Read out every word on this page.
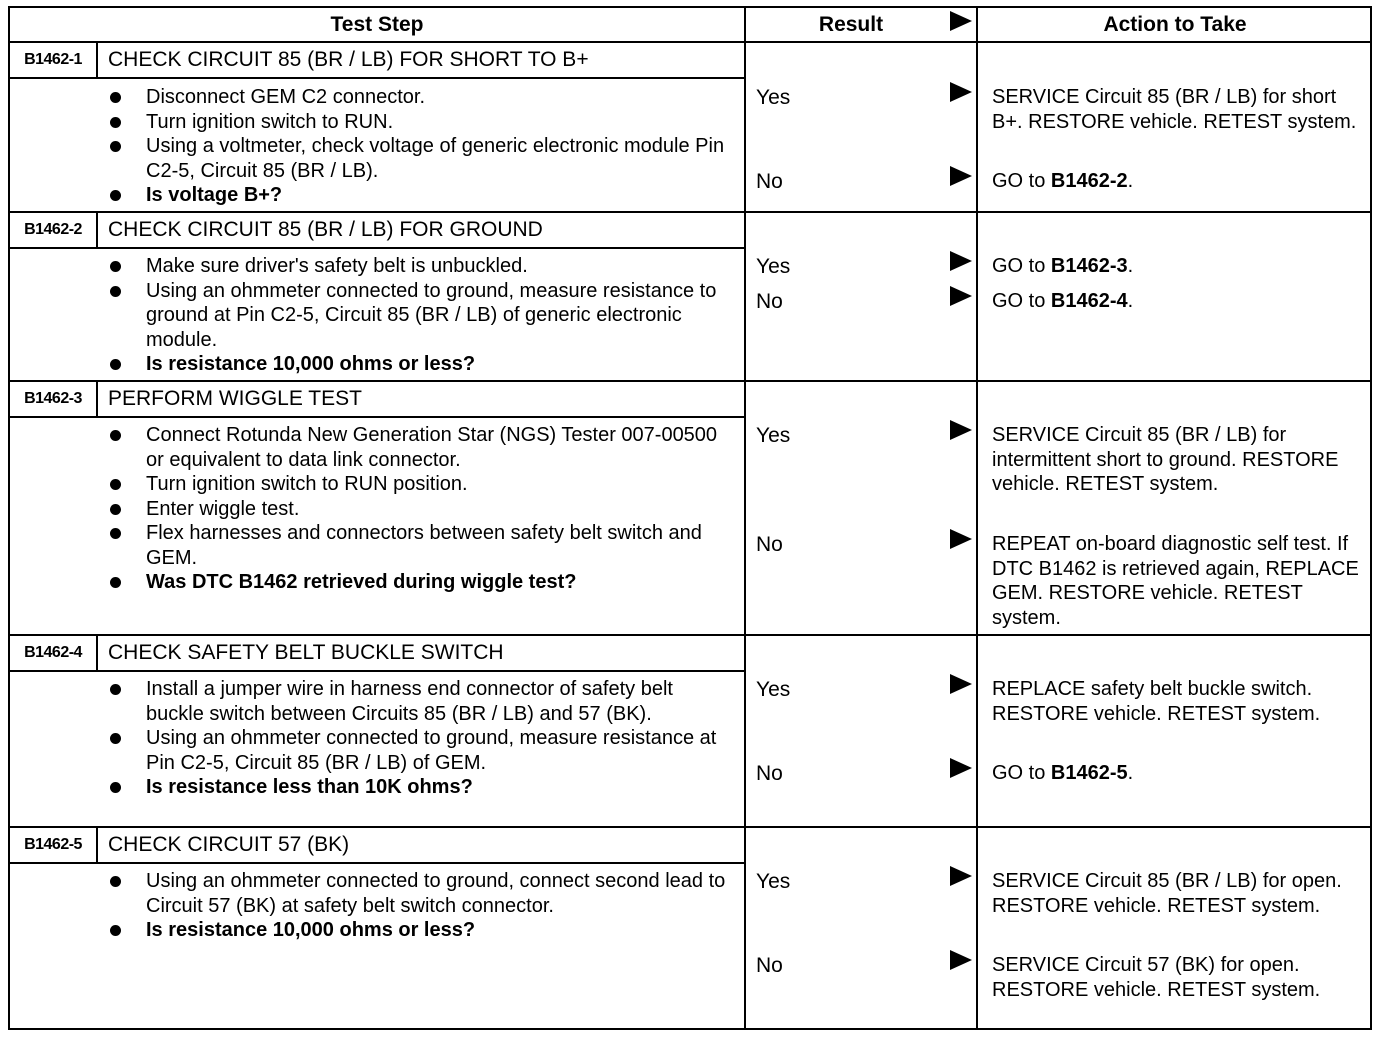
Test Step	Result	Action to Take
B1462-1	CHECK CIRCUIT 85 (BR / LB) FOR SHORT TO B+
Disconnect GEM C2 connector.
Turn ignition switch to RUN.
Using a voltmeter, check voltage of generic electronic module Pin C2-5, Circuit 85 (BR / LB).
Is voltage B+?
Yes	SERVICE Circuit 85 (BR / LB) for short B+. RESTORE vehicle. RETEST system.
No	GO to B1462-2.
B1462-2	CHECK CIRCUIT 85 (BR / LB) FOR GROUND
Make sure driver's safety belt is unbuckled.
Using an ohmmeter connected to ground, measure resistance to ground at Pin C2-5, Circuit 85 (BR / LB) of generic electronic module.
Is resistance 10,000 ohms or less?
Yes	GO to B1462-3.
No	GO to B1462-4.
B1462-3	PERFORM WIGGLE TEST
Connect Rotunda New Generation Star (NGS) Tester 007-00500 or equivalent to data link connector.
Turn ignition switch to RUN position.
Enter wiggle test.
Flex harnesses and connectors between safety belt switch and GEM.
Was DTC B1462 retrieved during wiggle test?
Yes	SERVICE Circuit 85 (BR / LB) for intermittent short to ground. RESTORE vehicle. RETEST system.
No	REPEAT on-board diagnostic self test. If DTC B1462 is retrieved again, REPLACE GEM. RESTORE vehicle. RETEST system.
B1462-4	CHECK SAFETY BELT BUCKLE SWITCH
Install a jumper wire in harness end connector of safety belt buckle switch between Circuits 85 (BR / LB) and 57 (BK).
Using an ohmmeter connected to ground, measure resistance at Pin C2-5, Circuit 85 (BR / LB) of GEM.
Is resistance less than 10K ohms?
Yes	REPLACE safety belt buckle switch. RESTORE vehicle. RETEST system.
No	GO to B1462-5.
B1462-5	CHECK CIRCUIT 57 (BK)
Using an ohmmeter connected to ground, connect second lead to Circuit 57 (BK) at safety belt switch connector.
Is resistance 10,000 ohms or less?
Yes	SERVICE Circuit 85 (BR / LB) for open. RESTORE vehicle. RETEST system.
No	SERVICE Circuit 57 (BK) for open. RESTORE vehicle. RETEST system.
